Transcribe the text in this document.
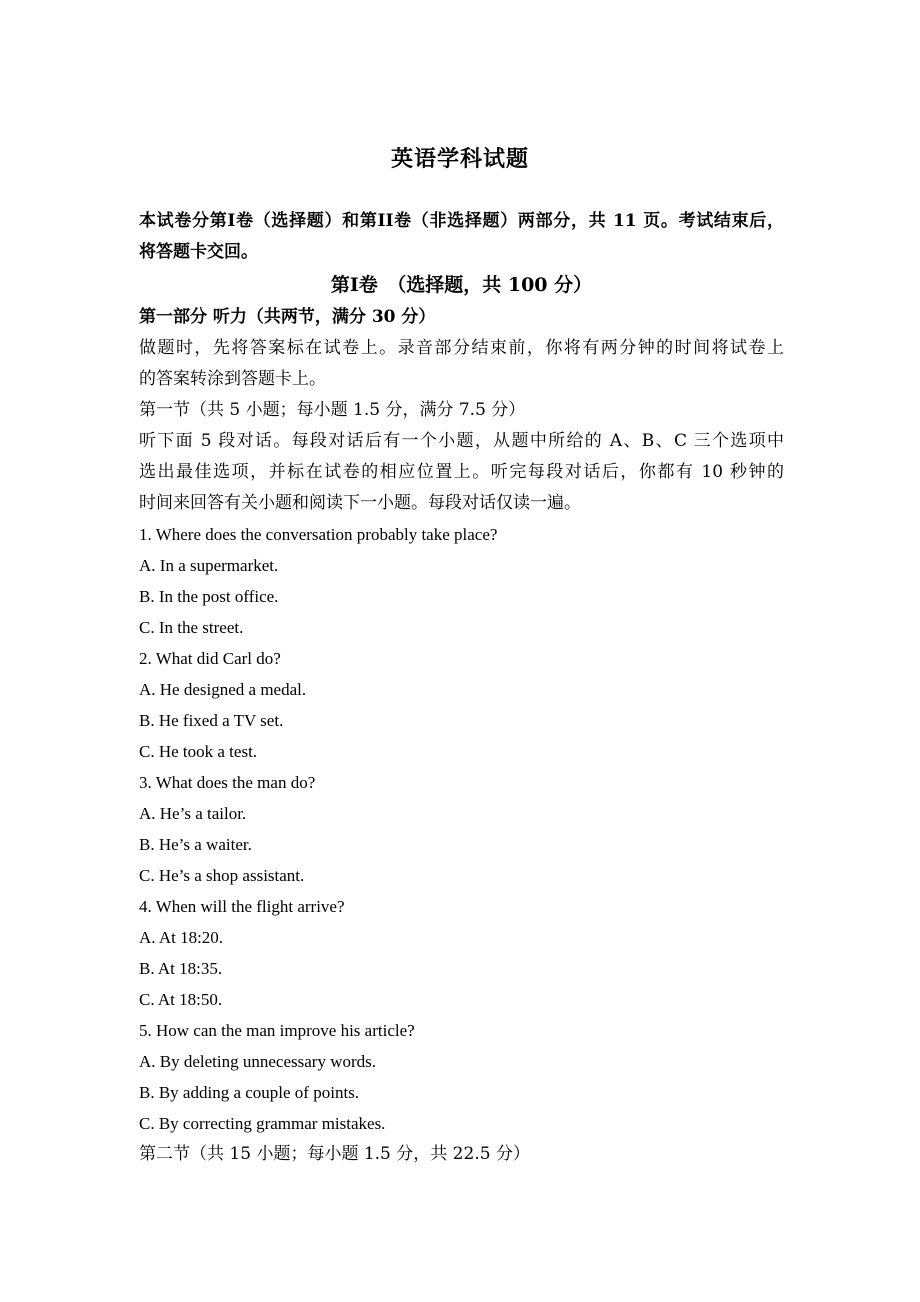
英语学科试题
本试卷分第I卷（选择题）和第II卷（非选择题）两部分，共 11 页。考试结束后，
将答题卡交回。
第I卷　（选择题，共 100 分）
第一部分 听力（共两节，满分 30 分）
做题时，先将答案标在试卷上。录音部分结束前，你将有两分钟的时间将试卷上
的答案转涂到答题卡上。
第一节（共 5 小题；每小题 1.5 分，满分 7.5 分）
听下面 5 段对话。每段对话后有一个小题，从题中所给的 A、B、C 三个选项中
选出最佳选项，并标在试卷的相应位置上。听完每段对话后，你都有 10 秒钟的
时间来回答有关小题和阅读下一小题。每段对话仅读一遍。
1. Where does the conversation probably take place?
A. In a supermarket.
B. In the post office.
C. In the street.
2. What did Carl do?
A. He designed a medal.
B. He fixed a TV set.
C. He took a test.
3. What does the man do?
A. He’s a tailor.
B. He’s a waiter.
C. He’s a shop assistant.
4. When will the flight arrive?
A. At 18:20.
B. At 18:35.
C. At 18:50.
5. How can the man improve his article?
A. By deleting unnecessary words.
B. By adding a couple of points.
C. By correcting grammar mistakes.
第二节（共 15 小题；每小题 1.5 分，共 22.5 分）
